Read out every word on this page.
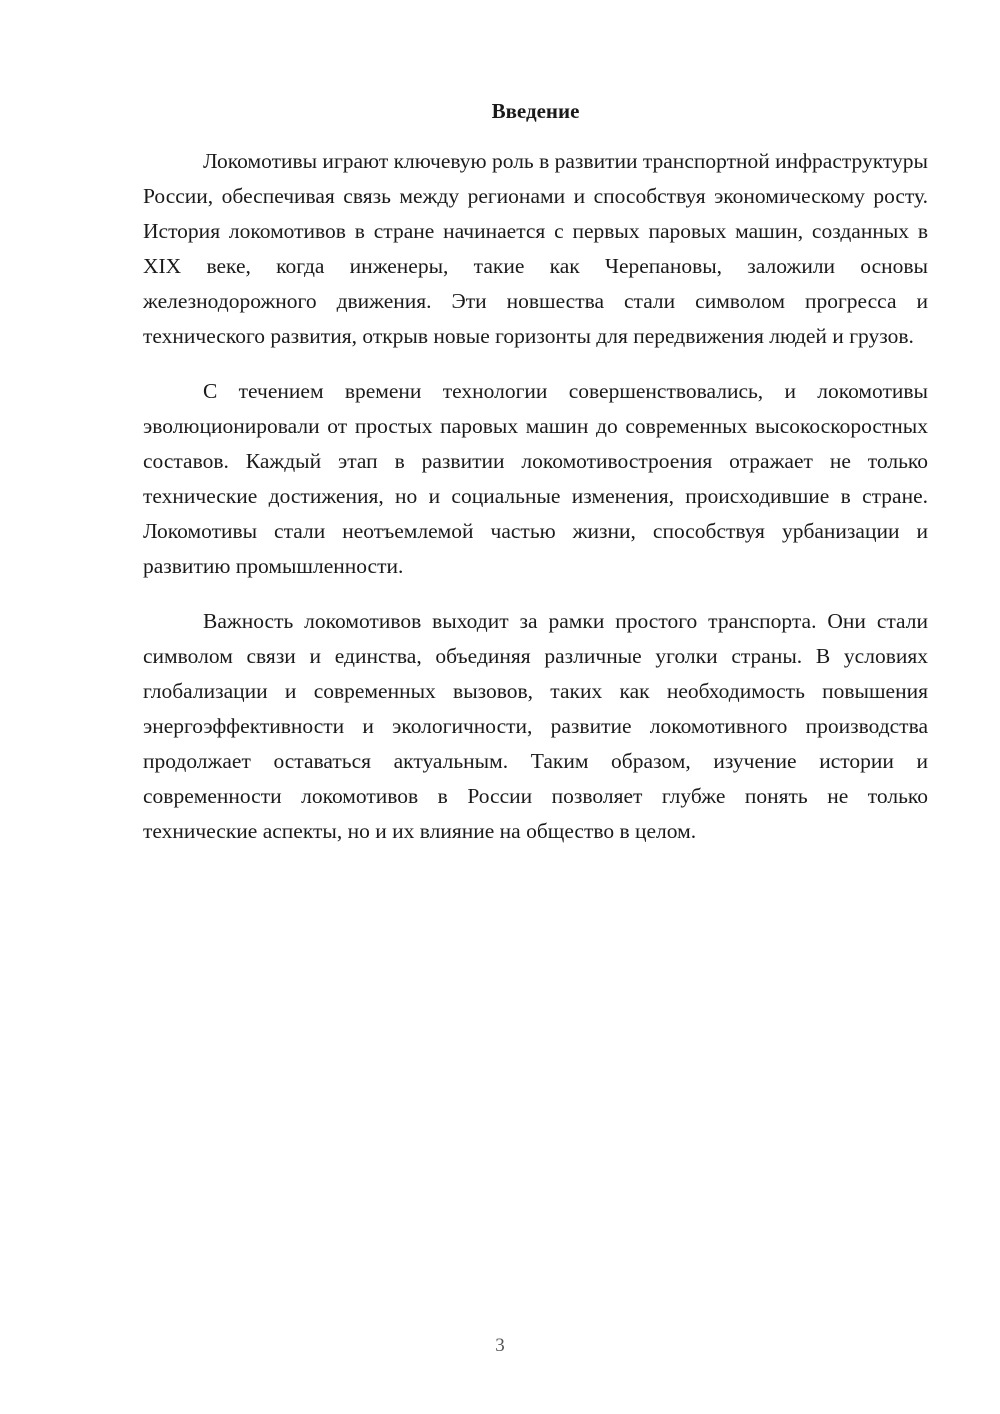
Введение

Локомотивы играют ключевую роль в развитии транспортной инфраструктуры России, обеспечивая связь между регионами и способствуя экономическому росту. История локомотивов в стране начинается с первых паровых машин, созданных в XIX веке, когда инженеры, такие как Черепановы, заложили основы железнодорожного движения. Эти новшества стали символом прогресса и технического развития, открыв новые горизонты для передвижения людей и грузов.

С течением времени технологии совершенствовались, и локомотивы эволюционировали от простых паровых машин до современных высокоскоростных составов. Каждый этап в развитии локомотивостроения отражает не только технические достижения, но и социальные изменения, происходившие в стране. Локомотивы стали неотъемлемой частью жизни, способствуя урбанизации и развитию промышленности.

Важность локомотивов выходит за рамки простого транспорта. Они стали символом связи и единства, объединяя различные уголки страны. В условиях глобализации и современных вызовов, таких как необходимость повышения энергоэффективности и экологичности, развитие локомотивного производства продолжает оставаться актуальным. Таким образом, изучение истории и современности локомотивов в России позволяет глубже понять не только технические аспекты, но и их влияние на общество в целом.

3
